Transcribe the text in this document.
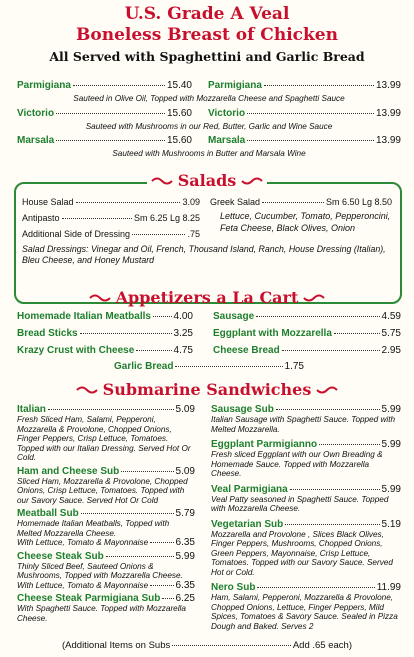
U.S. Grade A Veal
Boneless Breast of Chicken
All Served with Spaghettini and Garlic Bread
Parmigiana	15.40 Parmigiana	13.99
Sauteed in Olive Oil, Topped with Mozzarella Cheese and Spaghetti Sauce
Victorio	15.60 Victorio	13.99
Sauteed with Mushrooms in our Red, Butter, Garlic and Wine Sauce
Marsala	15.60 Marsala	13.99
Sauteed with Mushrooms in Butter and Marsala Wine
Salads
House Salad	3.09
Antipasto	Sm 6.25 Lg 8.25
Additional Side of Dressing	.75
Greek Salad	Sm 6.50 Lg 8.50
Lettuce, Cucumber, Tomato, Pepperoncini, Feta Cheese, Black Olives, Onion
Salad Dressings: Vinegar and Oil, French, Thousand Island, Ranch, House Dressing (Italian), Bleu Cheese, and Honey Mustard
Appetizers a La Cart
Homemade Italian Meatballs 4.00
Bread Sticks	3.25
Krazy Crust with Cheese	4.75
Sausage	4.59
Eggplant with Mozzarella	5.75
Cheese Bread	2.95
Garlic Bread	1.75
Submarine Sandwiches
Italian	5.09
Fresh Sliced Ham, Salami, Pepperoni, Mozzarella & Provolone, Chopped Onions, Finger Peppers, Crisp Lettuce, Tomatoes. Topped with our Italian Dressing. Served Hot Or Cold.
Ham and Cheese Sub	5.09
Sliced Ham, Mozzarella & Provolone, Chopped Onions, Crisp Lettuce, Tomatoes. Topped with our Savory Sauce. Served Hot Or Cold
Meatball Sub	5.79
Homemade Italian Meatballs, Topped with Melted Mozzarella Cheese.
With Lettuce, Tomato & Mayonnaise	6.35
Cheese Steak Sub	5.99
Thinly Sliced Beef, Sauteed Onions & Mushrooms, Topped with Mozzarella Cheese.
With Lettuce, Tomato & Mayonnaise	6.35
Cheese Steak Parmigiana Sub 6.25
With Spaghetti Sauce. Topped with Mozzarella Cheese.
Sausage Sub	5.99
Italian Sausage with Spaghetti Sauce. Topped with Melted Mozzarella.
Eggplant Parmigianno	5.99
Fresh sliced Eggplant with our Own Breading & Homemade Sauce. Topped with Mozzarella Cheese.
Veal Parmigiana	5.99
Veal Patty seasoned in Spaghetti Sauce. Topped with Mozzarella Cheese.
Vegetarian Sub	5.19
Mozzarella and Provolone , Slices Black Olives, Finger Peppers, Mushrooms, Chopped Onions, Green Peppers, Mayonnaise, Crisp Lettuce, Tomatoes. Topped with our Savory Sauce. Served Hot or Cold.
Nero Sub	11.99
Ham, Salami, Pepperoni, Mozzarella & Provolone, Chopped Onions, Lettuce, Finger Peppers, Mild Spices, Tomatoes & Savory Sauce. Sealed in Pizza Dough and Baked. Serves 2
(Additional Items on Subs	Add .65 each)
